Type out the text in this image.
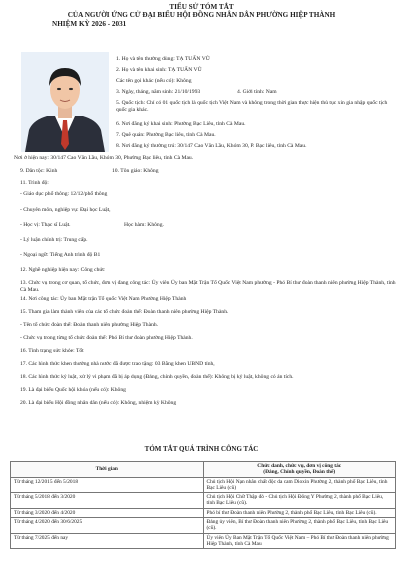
TIỂU SỬ TÓM TẮT
CỦA NGƯỜI ỨNG CỬ ĐẠI BIỂU HỘI ĐỒNG NHÂN DÂN PHƯỜNG HIỆP THÀNH
NHIỆM KỲ 2026 - 2031
1. Họ và tên thường dùng: TẠ TUẤN VŨ
2. Họ và tên khai sinh: TẠ TUẤN VŨ
Các tên gọi khác (nếu có): Không
3. Ngày, tháng, năm sinh: 21/10/1993	4. Giới tính: Nam
5. Quốc tịch: Chỉ có 01 quốc tịch là quốc tịch Việt Nam và không trong thời gian thực hiện thủ tục xin gia nhập quốc tịch quốc gia khác.
6. Nơi đăng ký khai sinh: Phường Bạc Liêu, tỉnh Cà Mau.
7. Quê quán: Phường Bạc liêu, tỉnh Cà Mau.
8. Nơi đăng ký thường trú: 30/147 Cao Văn Lầu, Khóm 30, P. Bạc liêu, tỉnh Cà Mau.
Nơi ở hiện nay: 30/147 Cao Văn Lầu, Khóm 30, Phường Bạc liêu, tỉnh Cà Mau.
9. Dân tộc: Kinh	10. Tôn giáo: Không
11. Trình độ:
- Giáo dục phổ thông: 12/12/phổ thông
- Chuyên môn, nghiệp vụ: Đại học Luật,
- Học vị: Thạc sĩ Luật.	Học hàm: Không.
- Lý luận chính trị: Trung cấp.
- Ngoại ngữ: Tiếng Anh trình độ B1
12. Nghề nghiệp hiện nay: Công chức
13. Chức vụ trong cơ quan, tổ chức, đơn vị đang công tác: Ủy viên Ủy ban Mặt Trận Tổ Quốc Việt Nam phường - Phó Bí thư đoàn thanh niên phường Hiệp Thành, tỉnh Cà Mau.
14. Nơi công tác: Ủy ban Mặt trận Tổ quốc Việt Nam Phường Hiệp Thành
15. Tham gia làm thành viên của các tổ chức đoàn thể: Đoàn thanh niên phường Hiệp Thành.
- Tên tổ chức đoàn thể: Đoàn thanh niên phường Hiệp Thành.
- Chức vụ trong từng tổ chức đoàn thể: Phó Bí thư đoàn phường Hiệp Thành.
16. Tình trạng sức khỏe: Tốt
17. Các hình thức khen thưởng nhà nước đã được trao tặng: 03 Bằng khen UBND tỉnh,
18. Các hình thức kỷ luật, xử lý vi phạm đã bị áp dụng (Đảng, chính quyền, đoàn thể): Không bị kỷ luật, không có án tích.
19. Là đại biểu Quốc hội khóa (nếu có): Không
20. Là đại biểu Hội đồng nhân dân (nếu có): Không, nhiệm kỳ Không
TÓM TẮT QUÁ TRÌNH CÔNG TÁC
Thời gian	Chức danh, chức vụ, đơn vị công tác
(Đảng, Chính quyền, Đoàn thể)

Từ tháng 12/2015 đến 5/2018	Chủ tịch Hội Nạn nhân chất độc da cam Dioxin Phường 2, thành phố Bạc Liêu, tỉnh Bạc Liêu (cũ)
Từ tháng 5/2018 đến 3/2020	Chủ tịch Hội Chữ Thập đỏ - Chủ tịch Hội Đông Y Phường 2, thành phố Bạc Liêu, tỉnh Bạc Liêu (cũ).
Từ tháng 3/2020 đến 4/2020	Phó bí thư Đoàn thanh niên Phường 2, thành phố Bạc Liêu, tỉnh Bạc Liêu (cũ).
Từ tháng 4/2020 đến 30/6/2025	Đảng ủy viên, Bí thư Đoàn thanh niên Phường 2, thành phố Bạc Liêu, tỉnh Bạc Liêu (cũ).
Từ tháng 7/2025 đến nay	Ủy viên Ủy Ban Mặt Trận Tổ Quốc Việt Nam – Phó Bí thư Đoàn thanh niên phường Hiệp Thành, tỉnh Cà Mau
